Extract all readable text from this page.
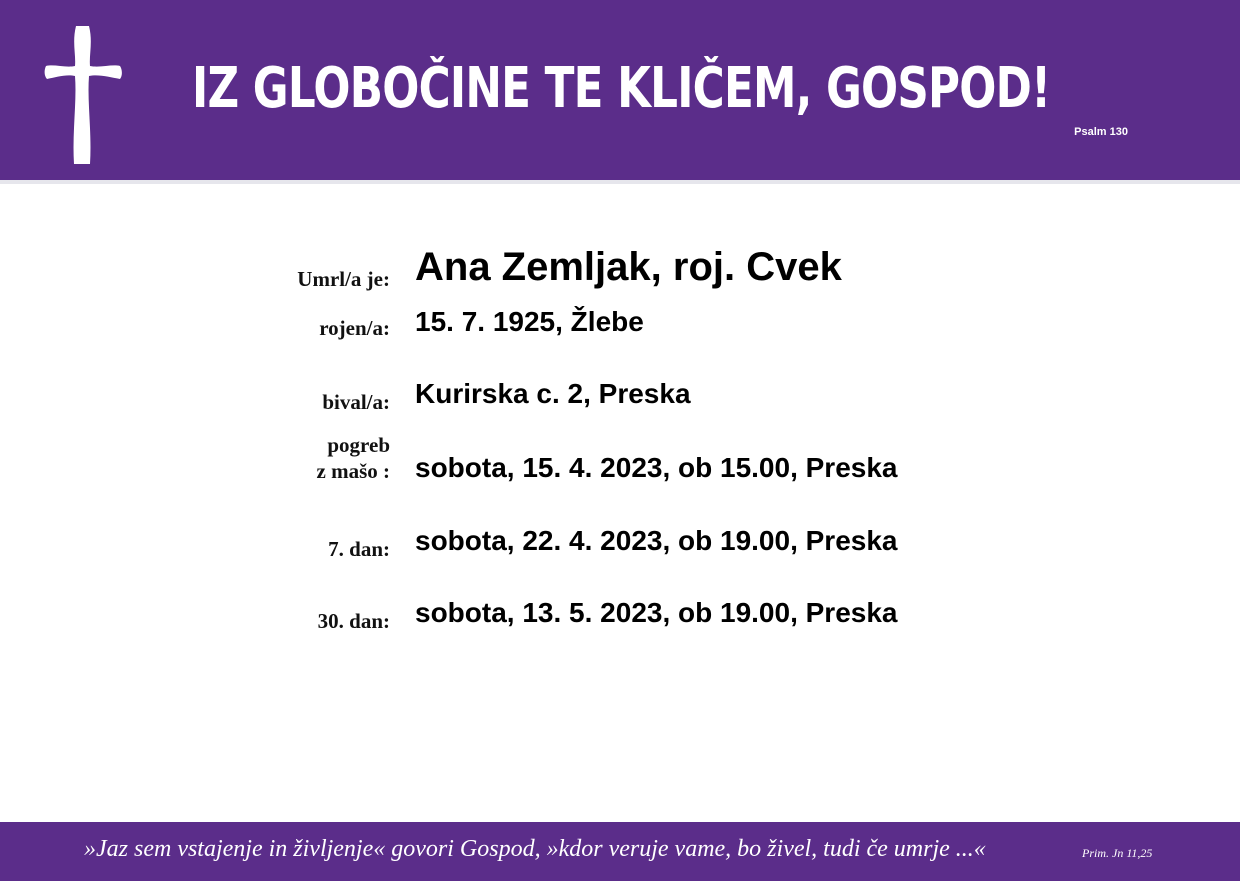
IZ GLOBOČINE TE KLIČEM, GOSPOD!
Psalm 130
Umrl/a je: Ana Zemljak, roj. Cvek
rojen/a: 15. 7. 1925, Žlebe
bival/a: Kurirska c. 2, Preska
pogreb
z mašo : sobota, 15. 4. 2023, ob 15.00, Preska
7. dan: sobota, 22. 4. 2023, ob 19.00, Preska
30. dan: sobota, 13. 5. 2023, ob 19.00, Preska
»Jaz sem vstajenje in življenje« govori Gospod, »kdor veruje vame, bo živel, tudi če umrje ...«	Prim. Jn 11,25
